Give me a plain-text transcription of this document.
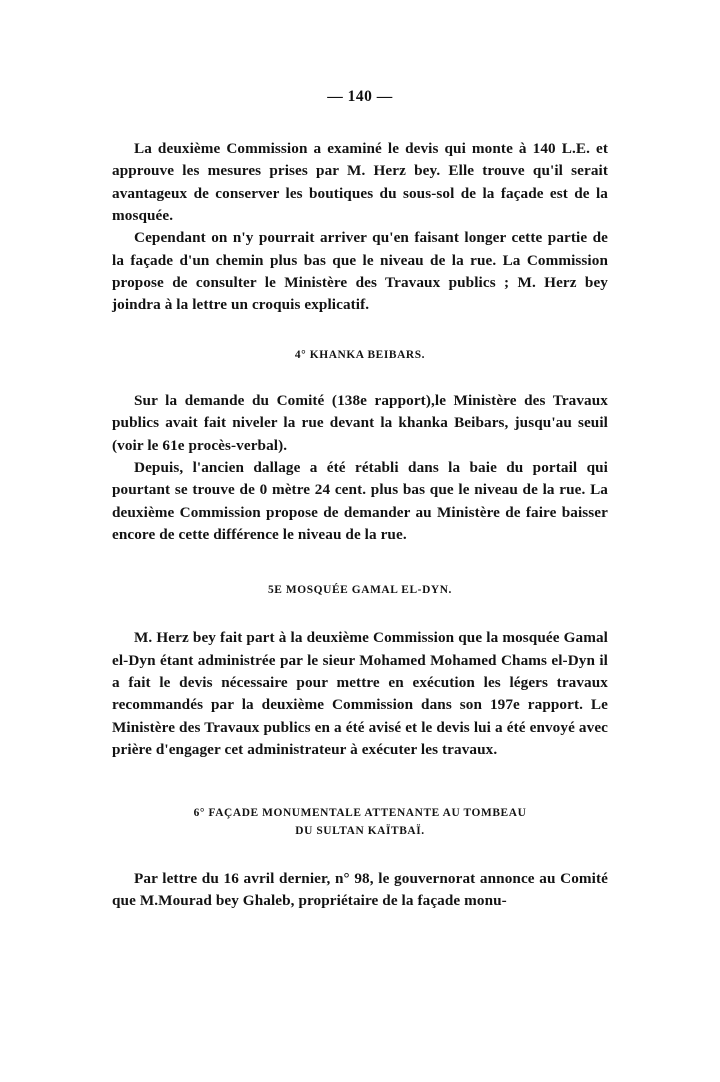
— 140 —

La deuxième Commission a examiné le devis qui monte à 140 L.E. et approuve les mesures prises par M. Herz bey. Elle trouve qu'il serait avantageux de conserver les boutiques du sous-sol de la façade est de la mosquée.

Cependant on n'y pourrait arriver qu'en faisant longer cette partie de la façade d'un chemin plus bas que le niveau de la rue. La Commission propose de consulter le Ministère des Travaux publics ; M. Herz bey joindra à la lettre un croquis explicatif.

4° KHANKA BEIBARS.

Sur la demande du Comité (138e rapport),le Ministère des Travaux publics avait fait niveler la rue devant la khanka Beibars, jusqu'au seuil (voir le 61e procès-verbal).

Depuis, l'ancien dallage a été rétabli dans la baie du portail qui pourtant se trouve de 0 mètre 24 cent. plus bas que le niveau de la rue. La deuxième Commission propose de demander au Ministère de faire baisser encore de cette différence le niveau de la rue.

5E MOSQUÉE GAMAL EL-DYN.

M. Herz bey fait part à la deuxième Commission que la mosquée Gamal el-Dyn étant administrée par le sieur Mohamed Mohamed Chams el-Dyn il a fait le devis nécessaire pour mettre en exécution les légers travaux recommandés par la deuxième Commission dans son 197e rapport. Le Ministère des Travaux publics en a été avisé et le devis lui a été envoyé avec prière d'engager cet administrateur à exécuter les travaux.

6° FAÇADE MONUMENTALE ATTENANTE AU TOMBEAU
DU SULTAN KAÏTBAÏ.

Par lettre du 16 avril dernier, n° 98, le gouvernorat annonce au Comité que M.Mourad bey Ghaleb, propriétaire de la façade monu-
